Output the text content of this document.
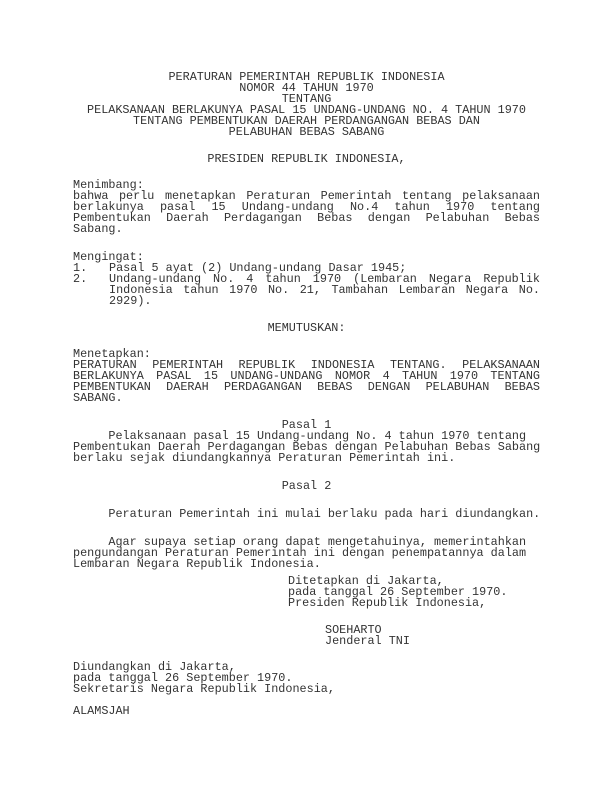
PERATURAN PEMERINTAH REPUBLIK INDONESIA
NOMOR 44 TAHUN 1970
TENTANG
PELAKSANAAN BERLAKUNYA PASAL 15 UNDANG-UNDANG NO. 4 TAHUN 1970
TENTANG PEMBENTUKAN DAERAH PERDANGANGAN BEBAS DAN
PELABUHAN BEBAS SABANG
PRESIDEN REPUBLIK INDONESIA,
Menimbang:
bahwa perlu menetapkan Peraturan Pemerintah tentang pelaksanaan
berlakunya pasal 15 Undang-undang No.4 tahun 1970 tentang
Pembentukan Daerah Perdagangan Bebas dengan Pelabuhan Bebas
Sabang.
Mengingat:
1.	Pasal 5 ayat (2) Undang-undang Dasar 1945;
2.	Undang-undang No. 4 tahun 1970 (Lembaran Negara Republik
Indonesia tahun 1970 No. 21, Tambahan Lembaran Negara No.
2929).
MEMUTUSKAN:
Menetapkan:
PERATURAN PEMERINTAH REPUBLIK INDONESIA TENTANG. PELAKSANAAN
BERLAKUNYA PASAL 15 UNDANG-UNDANG NOMOR 4 TAHUN 1970 TENTANG
PEMBENTUKAN DAERAH PERDAGANGAN BEBAS DENGAN PELABUHAN BEBAS
SABANG.
Pasal 1
Pelaksanaan pasal 15 Undang-undang No. 4 tahun 1970 tentang
Pembentukan Daerah Perdagangan Bebas dengan Pelabuhan Bebas Sabang
berlaku sejak diundangkannya Peraturan Pemerintah ini.
Pasal 2
Peraturan Pemerintah ini mulai berlaku pada hari diundangkan.
Agar supaya setiap orang dapat mengetahuinya, memerintahkan
pengundangan Peraturan Pemerintah ini dengan penempatannya dalam
Lembaran Negara Republik Indonesia.
Ditetapkan di Jakarta,
pada tanggal 26 September 1970.
Presiden Republik Indonesia,
SOEHARTO
Jenderal TNI
Diundangkan di Jakarta,
pada tanggal 26 September 1970.
Sekretaris Negara Republik Indonesia,
ALAMSJAH
